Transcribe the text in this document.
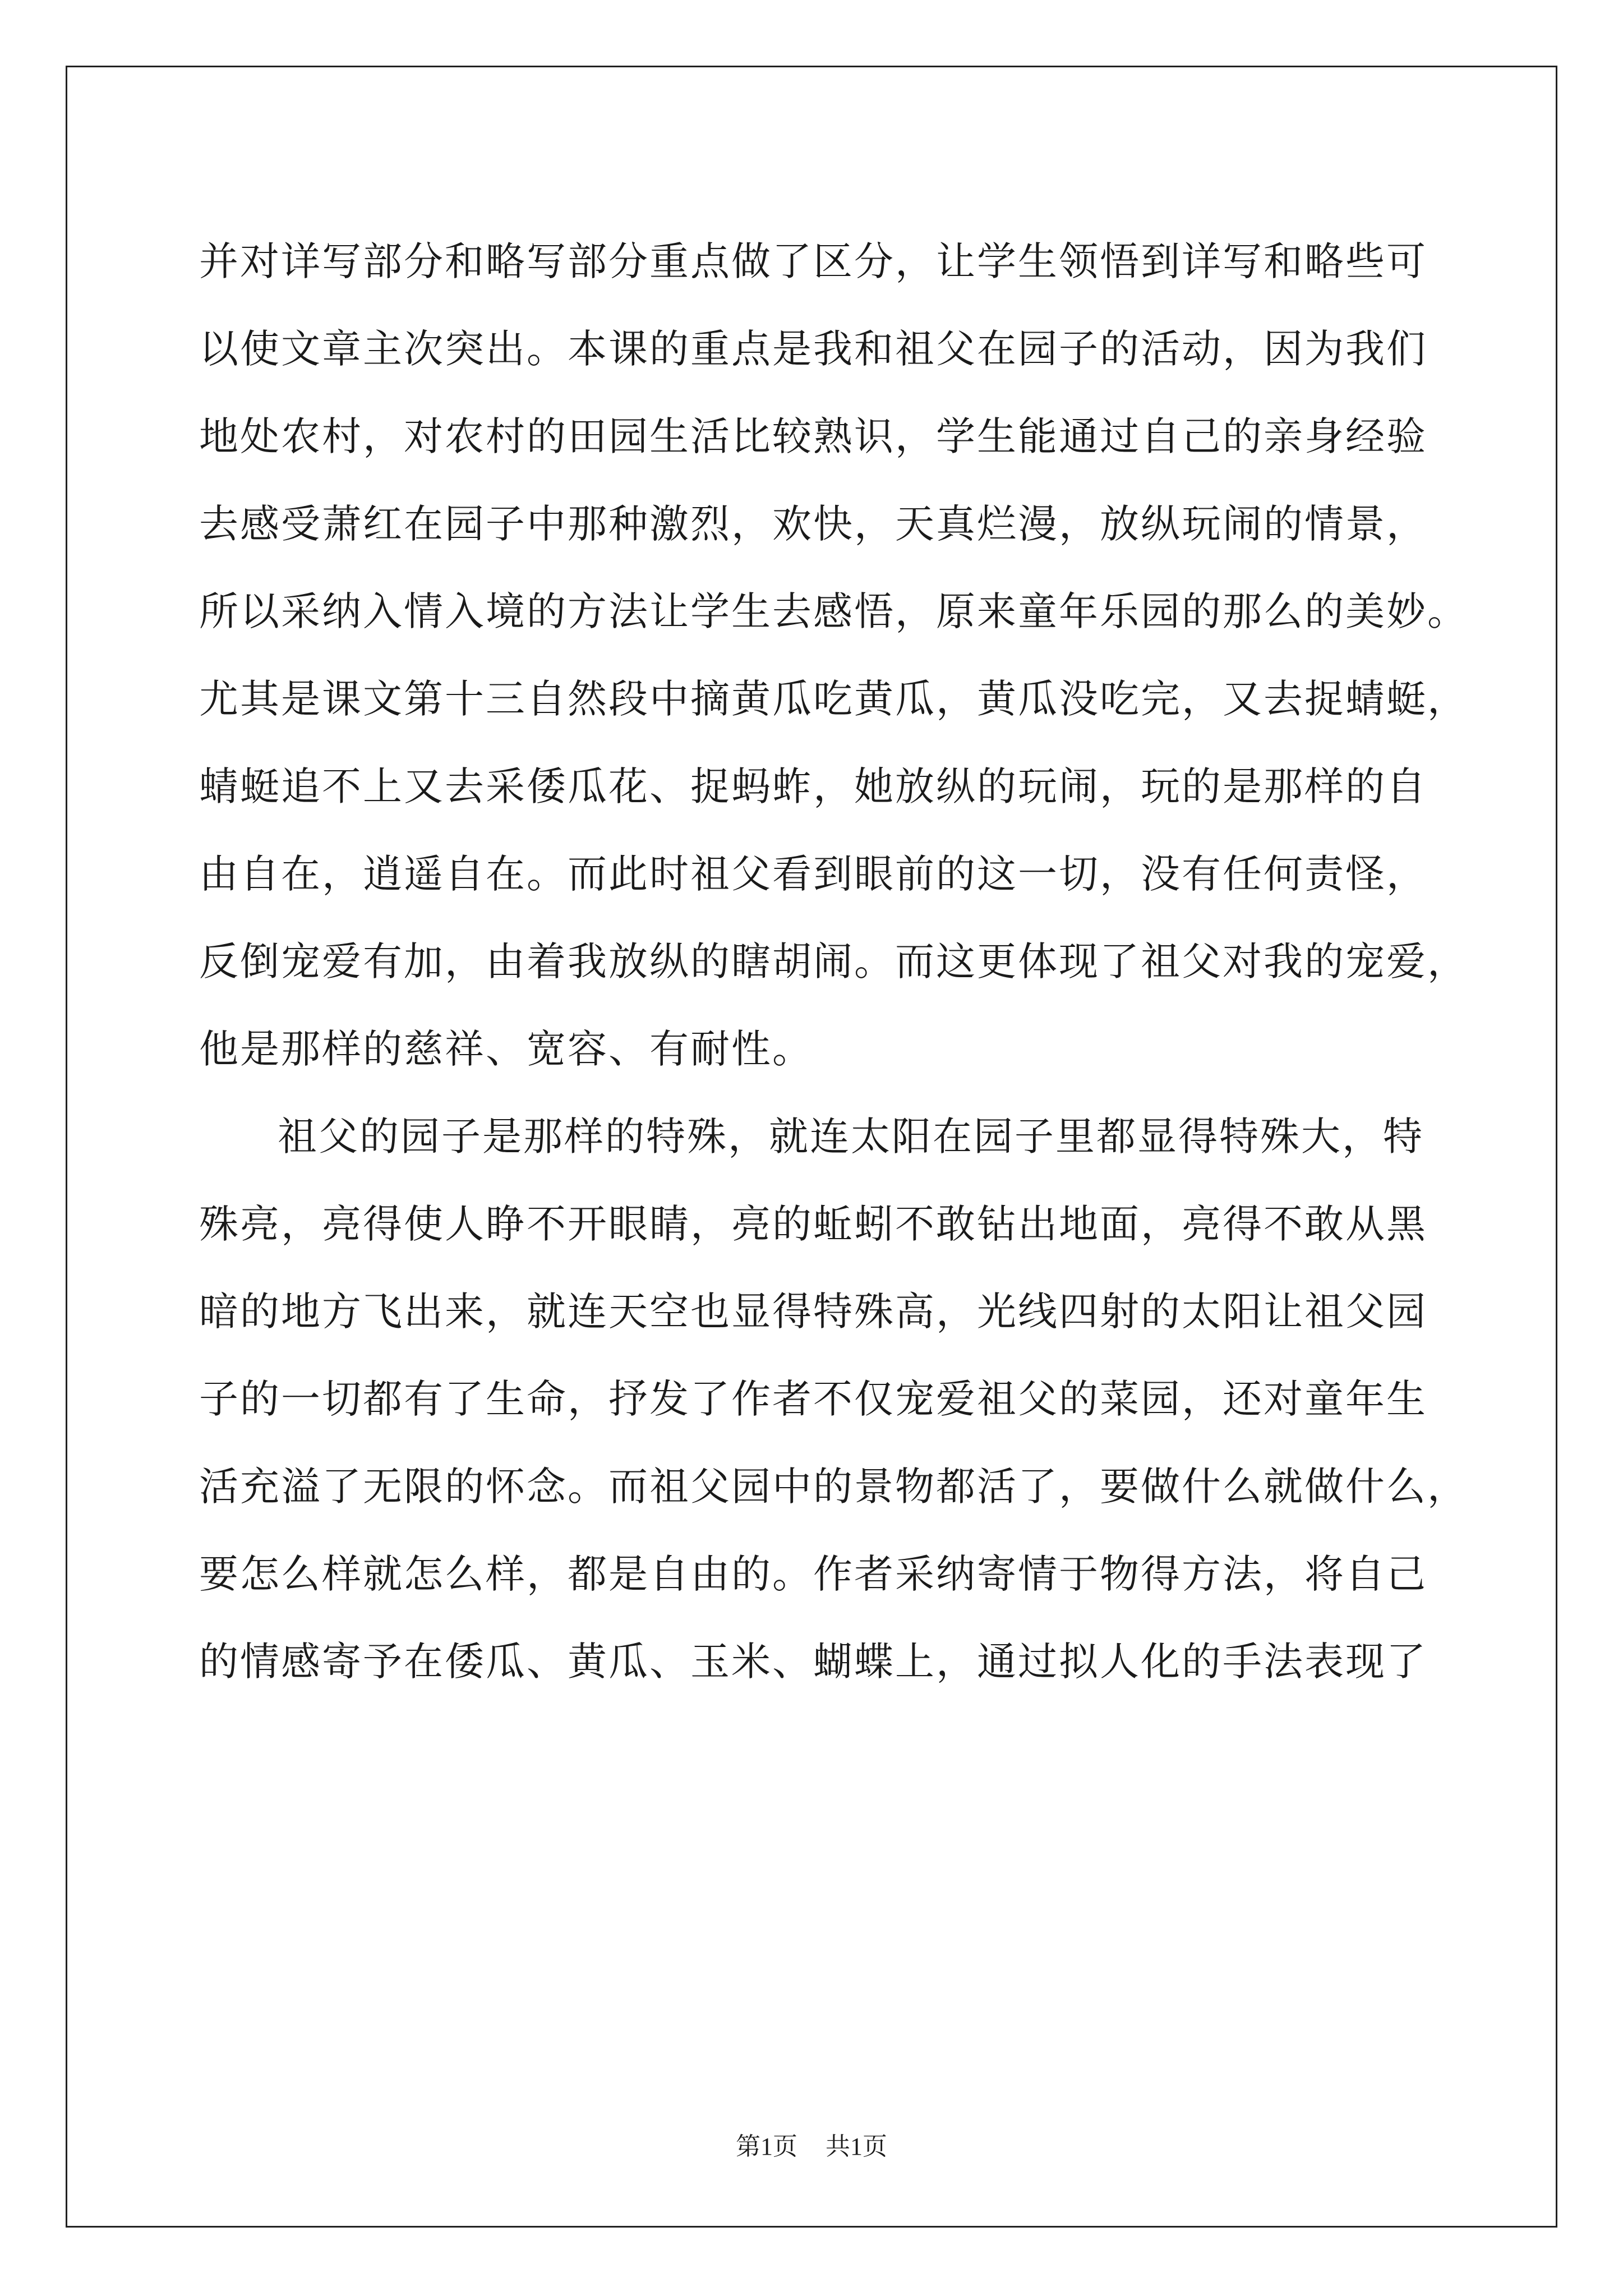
并对详写部分和略写部分重点做了区分，让学生领悟到详写和略些可
以使文章主次突出。本课的重点是我和祖父在园子的活动，因为我们
地处农村，对农村的田园生活比较熟识，学生能通过自己的亲身经验
去感受萧红在园子中那种激烈，欢快，天真烂漫，放纵玩闹的情景，
所以采纳入情入境的方法让学生去感悟，原来童年乐园的那么的美妙。
尤其是课文第十三自然段中摘黄瓜吃黄瓜，黄瓜没吃完，又去捉蜻蜓，
蜻蜓追不上又去采倭瓜花、捉蚂蚱，她放纵的玩闹，玩的是那样的自
由自在，逍遥自在。而此时祖父看到眼前的这一切，没有任何责怪，
反倒宠爱有加，由着我放纵的瞎胡闹。而这更体现了祖父对我的宠爱，
他是那样的慈祥、宽容、有耐性。
祖父的园子是那样的特殊，就连太阳在园子里都显得特殊大，特
殊亮，亮得使人睁不开眼睛，亮的蚯蚓不敢钻出地面，亮得不敢从黑
暗的地方飞出来，就连天空也显得特殊高，光线四射的太阳让祖父园
子的一切都有了生命，抒发了作者不仅宠爱祖父的菜园，还对童年生
活充溢了无限的怀念。而祖父园中的景物都活了，要做什么就做什么，
要怎么样就怎么样，都是自由的。作者采纳寄情于物得方法，将自己
的情感寄予在倭瓜、黄瓜、玉米、蝴蝶上，通过拟人化的手法表现了
第1页 共1页
